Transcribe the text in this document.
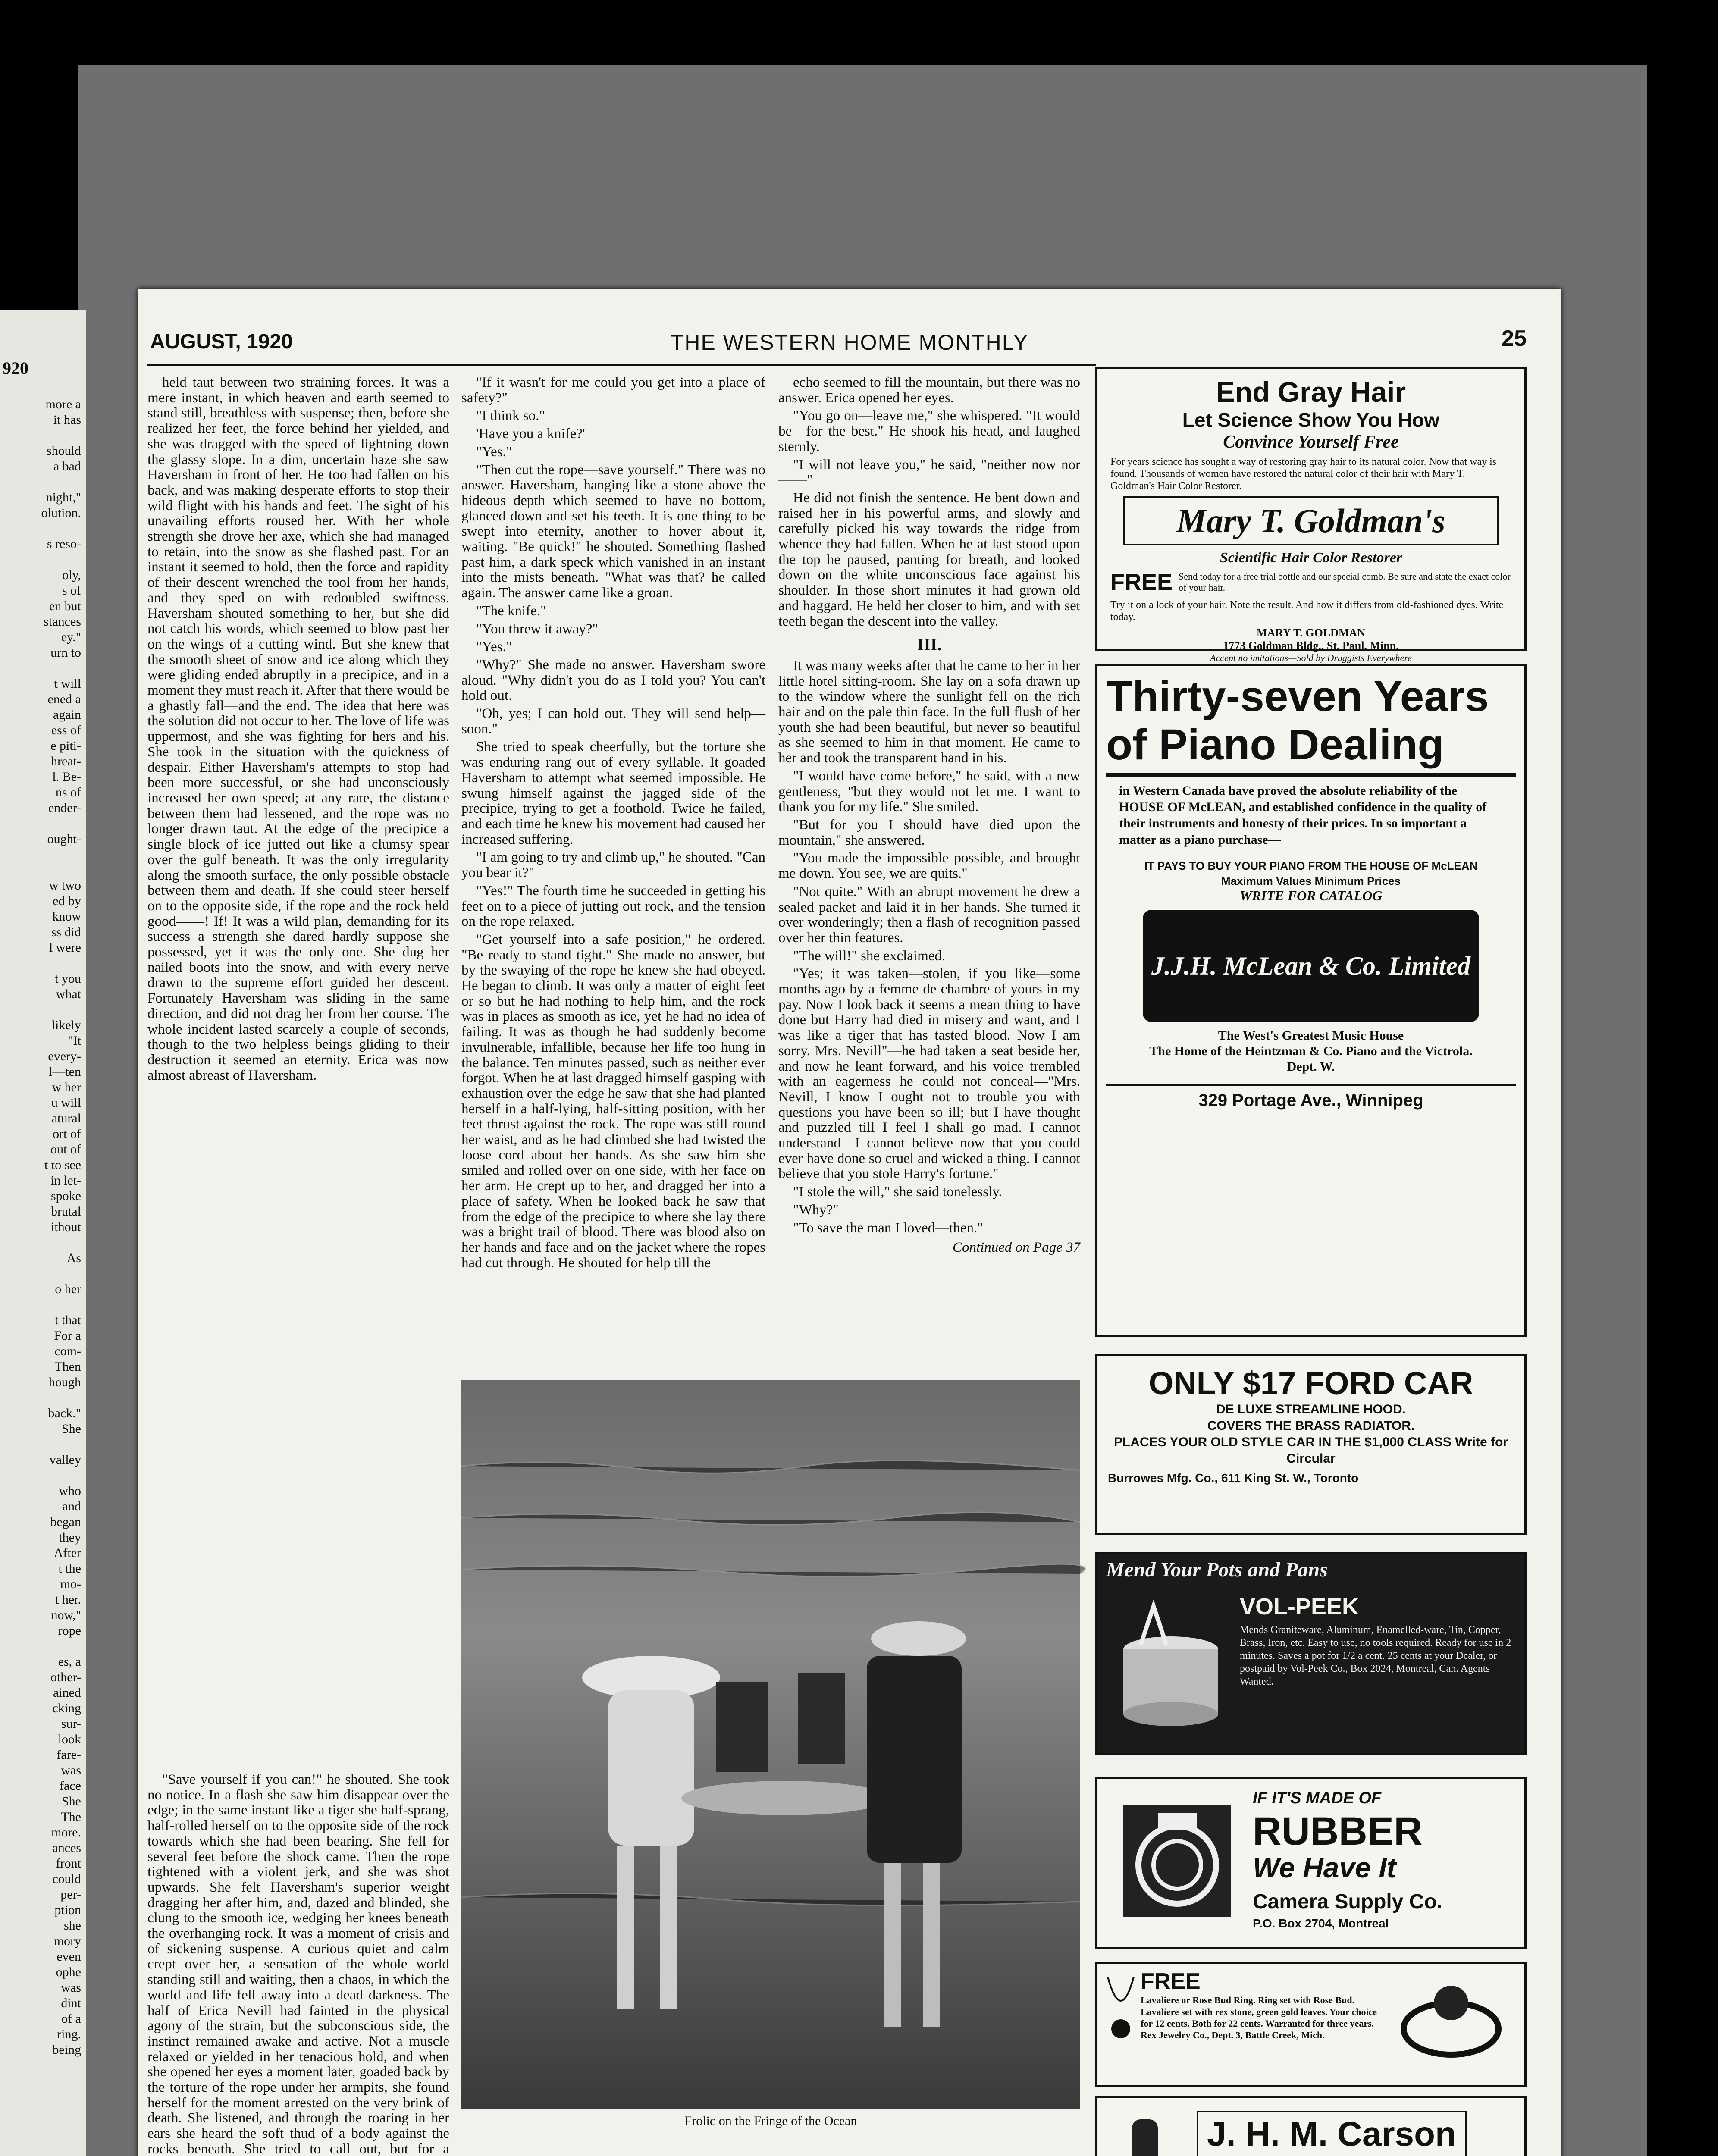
920
more a
it has

should
a bad

night,"
olution.

s reso-

oly,
s of
en but
stances
ey."
urn to

t will
ened a
again
ess of
e piti-
hreat-
l. Be-
ns of
ender-

ought-

w two
ed by
know
ss did
l were

t you
what

likely
"It
every-
l—ten
w her
u will
atural
ort of
out of
t to see
in let-
spoke
brutal
ithout

As

o her

t that
For a
com-
Then
hough

back."
She

valley

who
and
began
they
After
t the
mo-
t her.
now,"
rope

es, a
other-
ained
cking
sur-
look
fare-
was
face
She
The
more.
ances
front
could
per-
ption
she
mory
even
ophe
was
dint
of a
ring.
being
AUGUST, 1920	THE WESTERN HOME MONTHLY	25

held taut between two straining forces. It was a mere instant, in which heaven and earth seemed to stand still, breathless with suspense; then, before she realized her feet, the force behind her yielded, and she was dragged with the speed of lightning down the glassy slope. In a dim, uncertain haze she saw Haversham in front of her. He too had fallen on his back, and was making desperate efforts to stop their wild flight with his hands and feet. The sight of his unavailing efforts roused her. With her whole strength she drove her axe, which she had managed to retain, into the snow as she flashed past. For an instant it seemed to hold, then the force and rapidity of their descent wrenched the tool from her hands, and they sped on with redoubled swiftness. Haversham shouted something to her, but she did not catch his words, which seemed to blow past her on the wings of a cutting wind. But she knew that the smooth sheet of snow and ice along which they were gliding ended abruptly in a precipice, and in a moment they must reach it. After that there would be a ghastly fall—and the end. The idea that here was the solution did not occur to her. The love of life was uppermost, and she was fighting for hers and his. She took in the situation with the quickness of despair. Either Haversham's attempts to stop had been more successful, or she had unconsciously increased her own speed; at any rate, the distance between them had lessened, and the rope was no longer drawn taut. At the edge of the precipice a single block of ice jutted out like a clumsy spear over the gulf beneath. It was the only irregularity along the smooth surface, the only possible obstacle between them and death. If she could steer herself on to the opposite side, if the rope and the rock held good——! If! It was a wild plan, demanding for its success a strength she dared hardly suppose she possessed, yet it was the only one. She dug her nailed boots into the snow, and with every nerve drawn to the supreme effort guided her descent. Fortunately Haversham was sliding in the same direction, and did not drag her from her course. The whole incident lasted scarcely a couple of seconds, though to the two helpless beings gliding to their destruction it seemed an eternity. Erica was now almost abreast of Haversham.

"If it wasn't for me could you get into a place of safety?"

"I think so."

'Have you a knife?'

"Yes."

"Then cut the rope—save yourself." There was no answer. Haversham, hanging like a stone above the hideous depth which seemed to have no bottom, glanced down and set his teeth. It is one thing to be swept into eternity, another to hover about it, waiting. "Be quick!" he shouted. Something flashed past him, a dark speck which vanished in an instant into the mists beneath. "What was that? he called again. The answer came like a groan.

"The knife."

"You threw it away?"

"Yes."

"Why?" She made no answer. Haversham swore aloud. "Why didn't you do as I told you? You can't hold out.

"Oh, yes; I can hold out. They will send help—soon."

She tried to speak cheerfully, but the torture she was enduring rang out of every syllable. It goaded Haversham to attempt what seemed impossible. He swung himself against the jagged side of the precipice, trying to get a foothold. Twice he failed, and each time he knew his movement had caused her increased suffering.

"I am going to try and climb up," he shouted. "Can you bear it?"

"Yes!" The fourth time he succeeded in getting his feet on to a piece of jutting out rock, and the tension on the rope relaxed.

"Get yourself into a safe position," he ordered. "Be ready to stand tight." She made no answer, but by the swaying of the rope he knew she had obeyed. He began to climb. It was only a matter of eight feet or so but he had nothing to help him, and the rock was in places as smooth as ice, yet he had no idea of failing. It was as though he had suddenly become invulnerable, infallible, because her life too hung in the balance. Ten minutes passed, such as neither ever forgot. When he at last dragged himself gasping with exhaustion over the edge he saw that she had planted herself in a half-lying, half-sitting position, with her feet thrust against the rock. The rope was still round her waist, and as he had climbed she had twisted the loose cord about her hands. As she saw him she smiled and rolled over on one side, with her face on her arm. He crept up to her, and dragged her into a place of safety. When he looked back he saw that from the edge of the precipice to where she lay there was a bright trail of blood. There was blood also on her hands and face and on the jacket where the ropes had cut through. He shouted for help till the

echo seemed to fill the mountain, but there was no answer. Erica opened her eyes.

"You go on—leave me," she whispered. "It would be—for the best." He shook his head, and laughed sternly.

"I will not leave you," he said, "neither now nor——"

He did not finish the sentence. He bent down and raised her in his powerful arms, and slowly and carefully picked his way towards the ridge from whence they had fallen. When he at last stood upon the top he paused, panting for breath, and looked down on the white unconscious face against his shoulder. In those short minutes it had grown old and haggard. He held her closer to him, and with set teeth began the descent into the valley.

III.

It was many weeks after that he came to her in her little hotel sitting-room. She lay on a sofa drawn up to the window where the sunlight fell on the rich hair and on the pale thin face. In the full flush of her youth she had been beautiful, but never so beautiful as she seemed to him in that moment. He came to her and took the transparent hand in his.

"I would have come before," he said, with a new gentleness, "but they would not let me. I want to thank you for my life." She smiled.

"But for you I should have died upon the mountain," she answered.

"You made the impossible possible, and brought me down. You see, we are quits."

"Not quite." With an abrupt movement he drew a sealed packet and laid it in her hands. She turned it over wonderingly; then a flash of recognition passed over her thin features.

"The will!" she exclaimed.

"Yes; it was taken—stolen, if you like—some months ago by a femme de chambre of yours in my pay. Now I look back it seems a mean thing to have done but Harry had died in misery and want, and I was like a tiger that has tasted blood. Now I am sorry. Mrs. Nevill"—he had taken a seat beside her, and now he leant forward, and his voice trembled with an eagerness he could not conceal—"Mrs. Nevill, I know I ought not to trouble you with questions you have been so ill; but I have thought and puzzled till I feel I shall go mad. I cannot understand—I cannot believe now that you could ever have done so cruel and wicked a thing. I cannot believe that you stole Harry's fortune."

"I stole the will," she said tonelessly.

"Why?"

"To save the man I loved—then."

Continued on Page 37

Frolic on the Fringe of the Ocean

"Save yourself if you can!" he shouted. She took no notice. In a flash she saw him disappear over the edge; in the same instant like a tiger she half-sprang, half-rolled herself on to the opposite side of the rock towards which she had been bearing. She fell for several feet before the shock came. Then the rope tightened with a violent jerk, and she was shot upwards. She felt Haversham's superior weight dragging her after him, and, dazed and blinded, she clung to the smooth ice, wedging her knees beneath the overhanging rock. It was a moment of crisis and of sickening suspense. A curious quiet and calm crept over her, a sensation of the whole world standing still and waiting, then a chaos, in which the world and life fell away into a dead darkness. The half of Erica Nevill had fainted in the physical agony of the strain, but the subconscious side, the instinct remained awake and active. Not a muscle relaxed or yielded in her tenacious hold, and when she opened her eyes a moment later, goaded back by the torture of the rope under her armpits, she found herself for the moment arrested on the very brink of death. She listened, and through the roaring in her ears she heard the soft thud of a body against the rocks beneath. She tried to call out, but for a

End Gray Hair
Let Science Show You How
Convince Yourself Free
For years science has sought a way of restoring gray hair to its natural color. Now that way is found. Thousands of women have restored the natural color of their hair with Mary T. Goldman's Hair Color Restorer.
Mary T. Goldman's
Scientific Hair Color Restorer
FREE Send today for a free trial bottle and our special comb. Be sure and state the exact color of your hair.
Try it on a lock of your hair. Note the result. And how it differs from old-fashioned dyes. Write today.
MARY T. GOLDMAN
1773 Goldman Bldg., St. Paul, Minn.
Accept no imitations—Sold by Druggists Everywhere
Thirty-seven Years of Piano Dealing
in Western Canada have proved the absolute reliability of the HOUSE OF McLEAN, and established confidence in the quality of their instruments and honesty of their prices. In so important a matter as a piano purchase—
IT PAYS TO BUY YOUR PIANO FROM THE HOUSE OF McLEAN
Maximum Values Minimum Prices
WRITE FOR CATALOG
J.J.H. McLean & Co. Limited
The West's Greatest Music House
The Home of the Heintzman & Co. Piano and the Victrola.
Dept. W.
329 Portage Ave., Winnipeg
ONLY $17 FORD CAR
DE LUXE STREAMLINE HOOD.
COVERS THE BRASS RADIATOR.
PLACES YOUR OLD STYLE CAR IN THE $1,000 CLASS Write for Circular
Burrowes Mfg. Co., 611 King St. W., Toronto
Mend Your Pots and Pans
VOL-PEEK
Mends Graniteware, Aluminum, Enamelled-ware, Tin, Copper, Brass, Iron, etc. Easy to use, no tools required. Ready for use in 2 minutes. Saves a pot for 1/2 a cent. 25 cents at your Dealer, or postpaid by Vol-Peek Co., Box 2024, Montreal, Can. Agents Wanted.
IF IT'S MADE OF
RUBBER
We Have It
Camera Supply Co.
P.O. Box 2704, Montreal
FREE
Lavaliere or Rose Bud Ring. Ring set with Rose Bud. Lavaliere set with rex stone, green gold leaves. Your choice for 12 cents. Both for 22 cents. Warranted for three years. Rex Jewelry Co., Dept. 3, Battle Creek, Mich.
J. H. M. Carson
